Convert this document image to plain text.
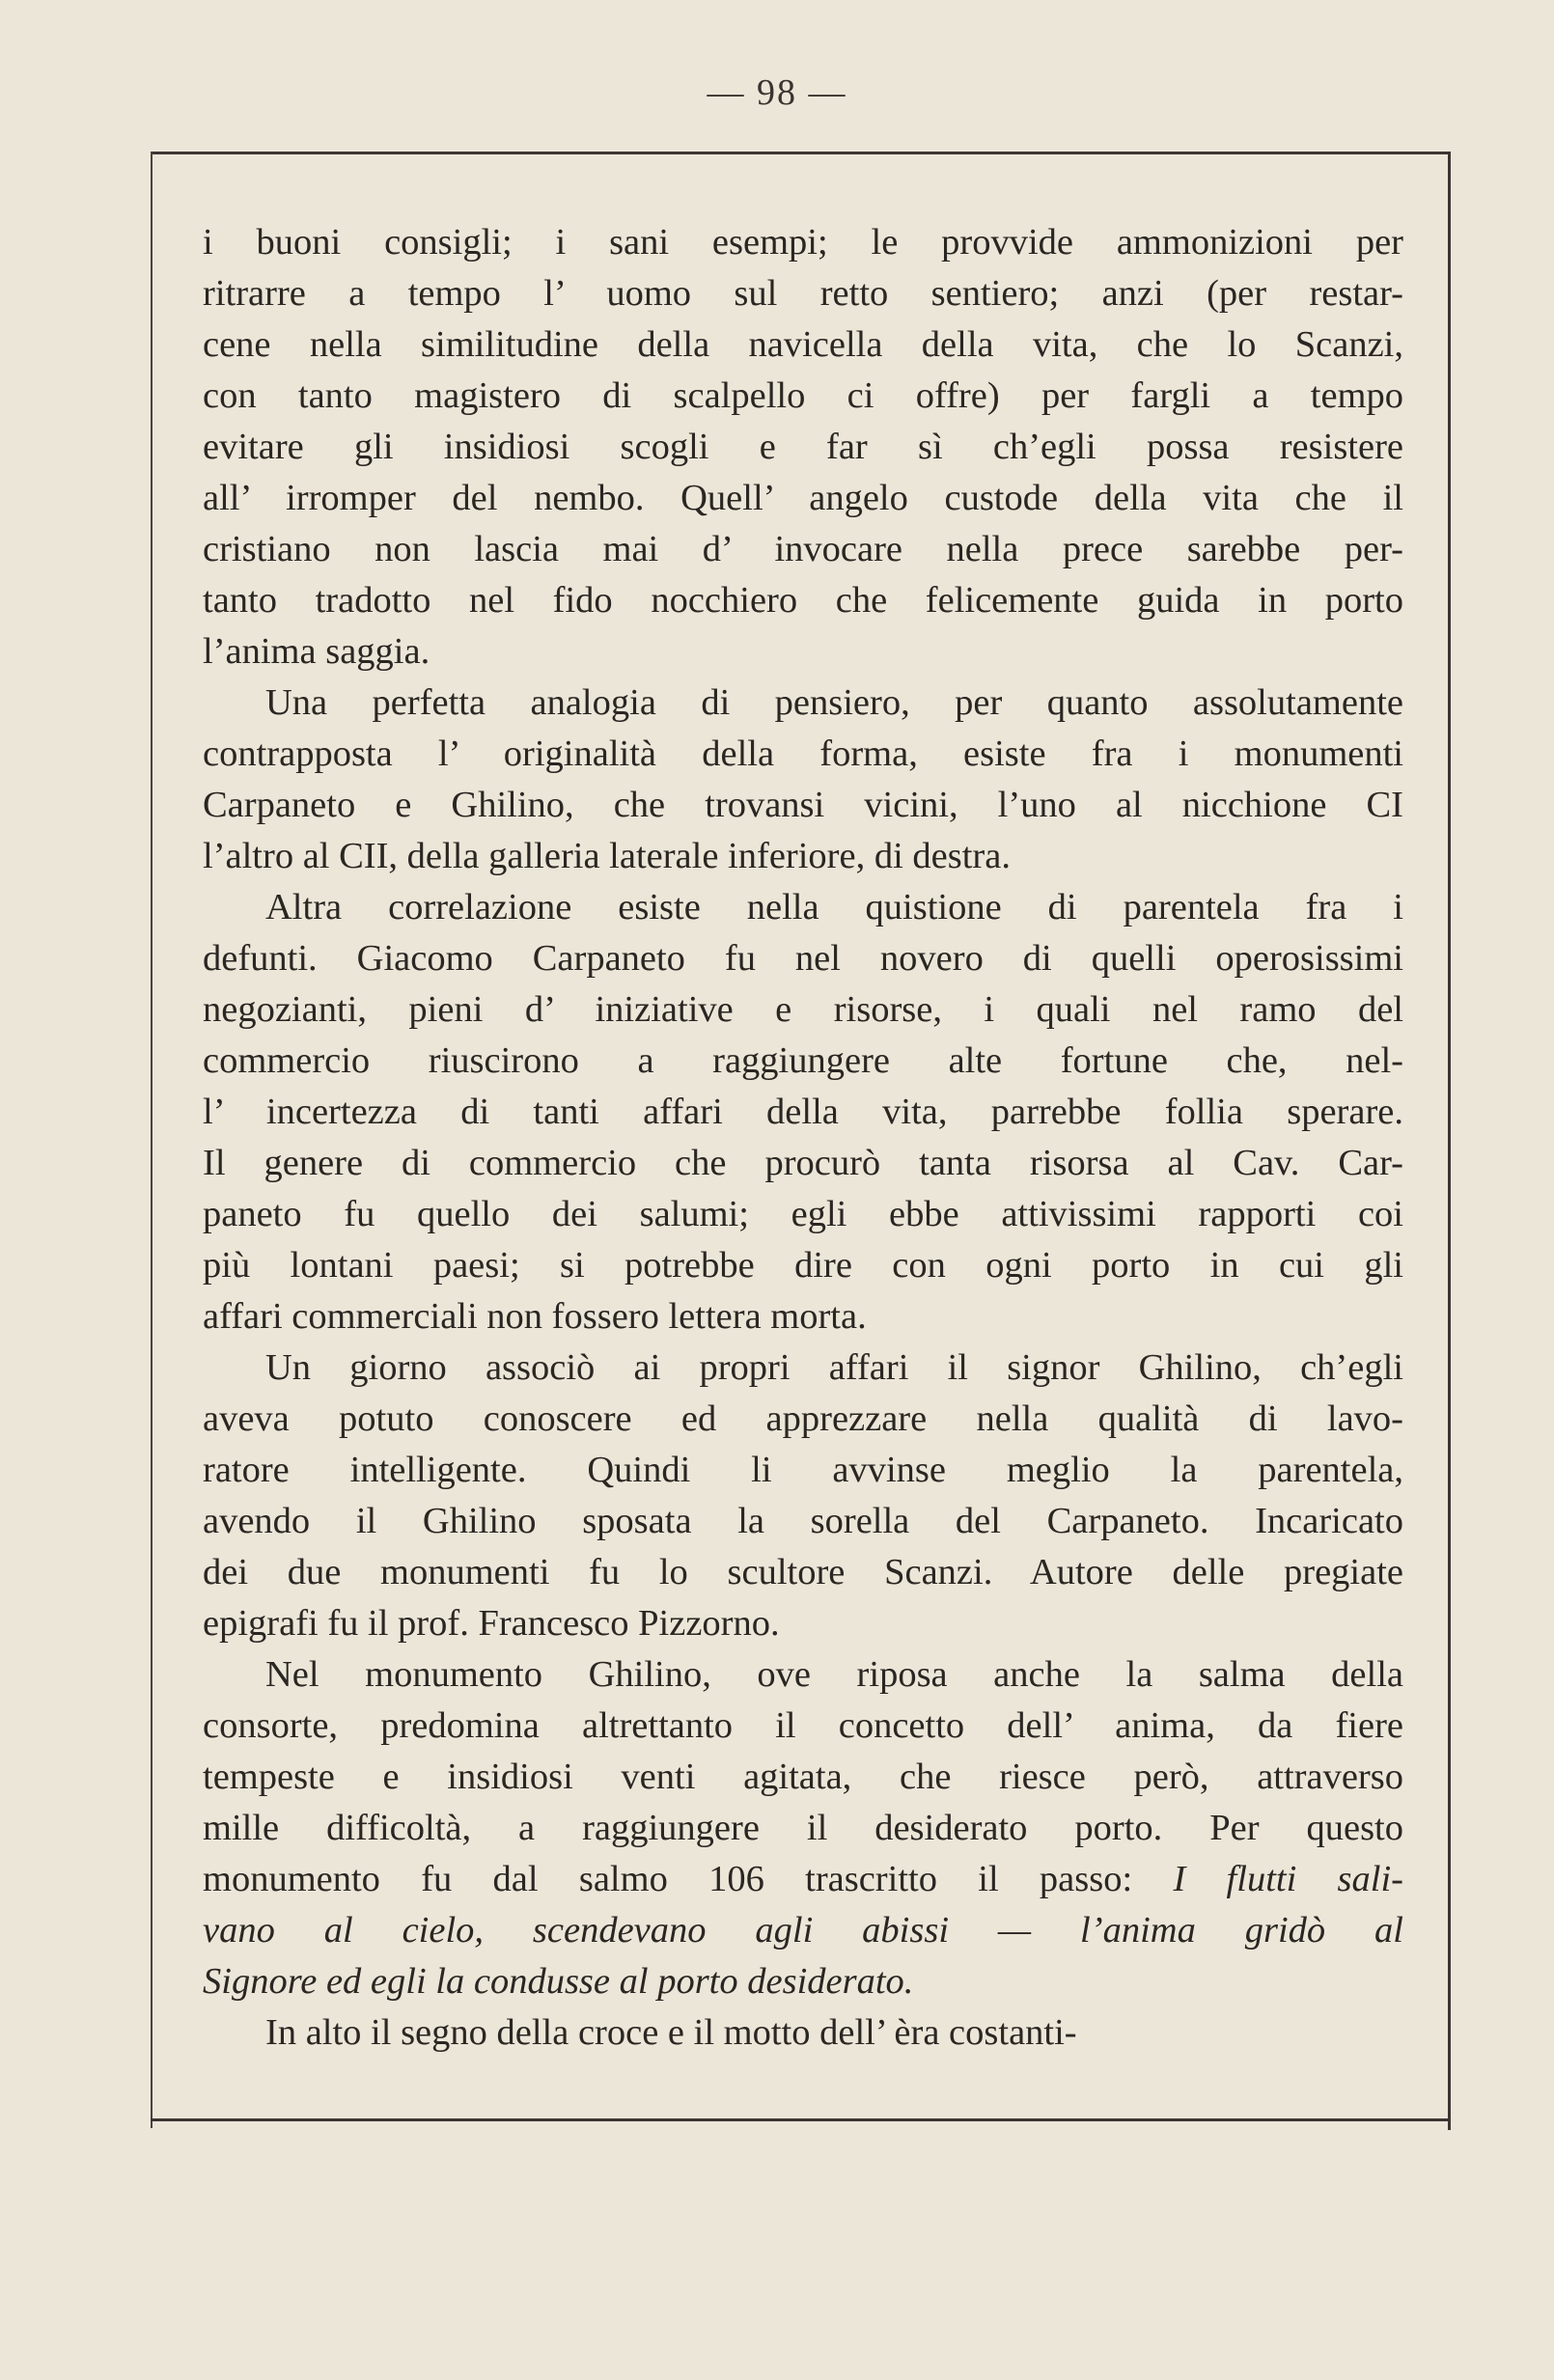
— 98 —
i buoni consigli; i sani esempi; le provvide ammonizioni per
ritrarre a tempo l’ uomo sul retto sentiero; anzi (per restar-
cene nella similitudine della navicella della vita, che lo Scanzi,
con tanto magistero di scalpello ci offre) per fargli a tempo
evitare gli insidiosi scogli e far sì ch’egli possa resistere
all’ irromper del nembo. Quell’ angelo custode della vita che il
cristiano non lascia mai d’ invocare nella prece sarebbe per-
tanto tradotto nel fido nocchiero che felicemente guida in porto
l’anima saggia.
Una perfetta analogia di pensiero, per quanto assolutamente
contrapposta l’ originalità della forma, esiste fra i monumenti
Carpaneto e Ghilino, che trovansi vicini, l’uno al nicchione CI
l’altro al CII, della galleria laterale inferiore, di destra.
Altra correlazione esiste nella quistione di parentela fra i
defunti. Giacomo Carpaneto fu nel novero di quelli operosissimi
negozianti, pieni d’ iniziative e risorse, i quali nel ramo del
commercio riuscirono a raggiungere alte fortune che, nel-
l’ incertezza di tanti affari della vita, parrebbe follia sperare.
Il genere di commercio che procurò tanta risorsa al Cav. Car-
paneto fu quello dei salumi; egli ebbe attivissimi rapporti coi
più lontani paesi; si potrebbe dire con ogni porto in cui gli
affari commerciali non fossero lettera morta.
Un giorno associò ai propri affari il signor Ghilino, ch’egli
aveva potuto conoscere ed apprezzare nella qualità di lavo-
ratore intelligente. Quindi li avvinse meglio la parentela,
avendo il Ghilino sposata la sorella del Carpaneto. Incaricato
dei due monumenti fu lo scultore Scanzi. Autore delle pregiate
epigrafi fu il prof. Francesco Pizzorno.
Nel monumento Ghilino, ove riposa anche la salma della
consorte, predomina altrettanto il concetto dell’ anima, da fiere
tempeste e insidiosi venti agitata, che riesce però, attraverso
mille difficoltà, a raggiungere il desiderato porto. Per questo
monumento fu dal salmo 106 trascritto il passo: I flutti sali-
vano al cielo, scendevano agli abissi — l’anima gridò al
Signore ed egli la condusse al porto desiderato.
In alto il segno della croce e il motto dell’ èra costanti-
